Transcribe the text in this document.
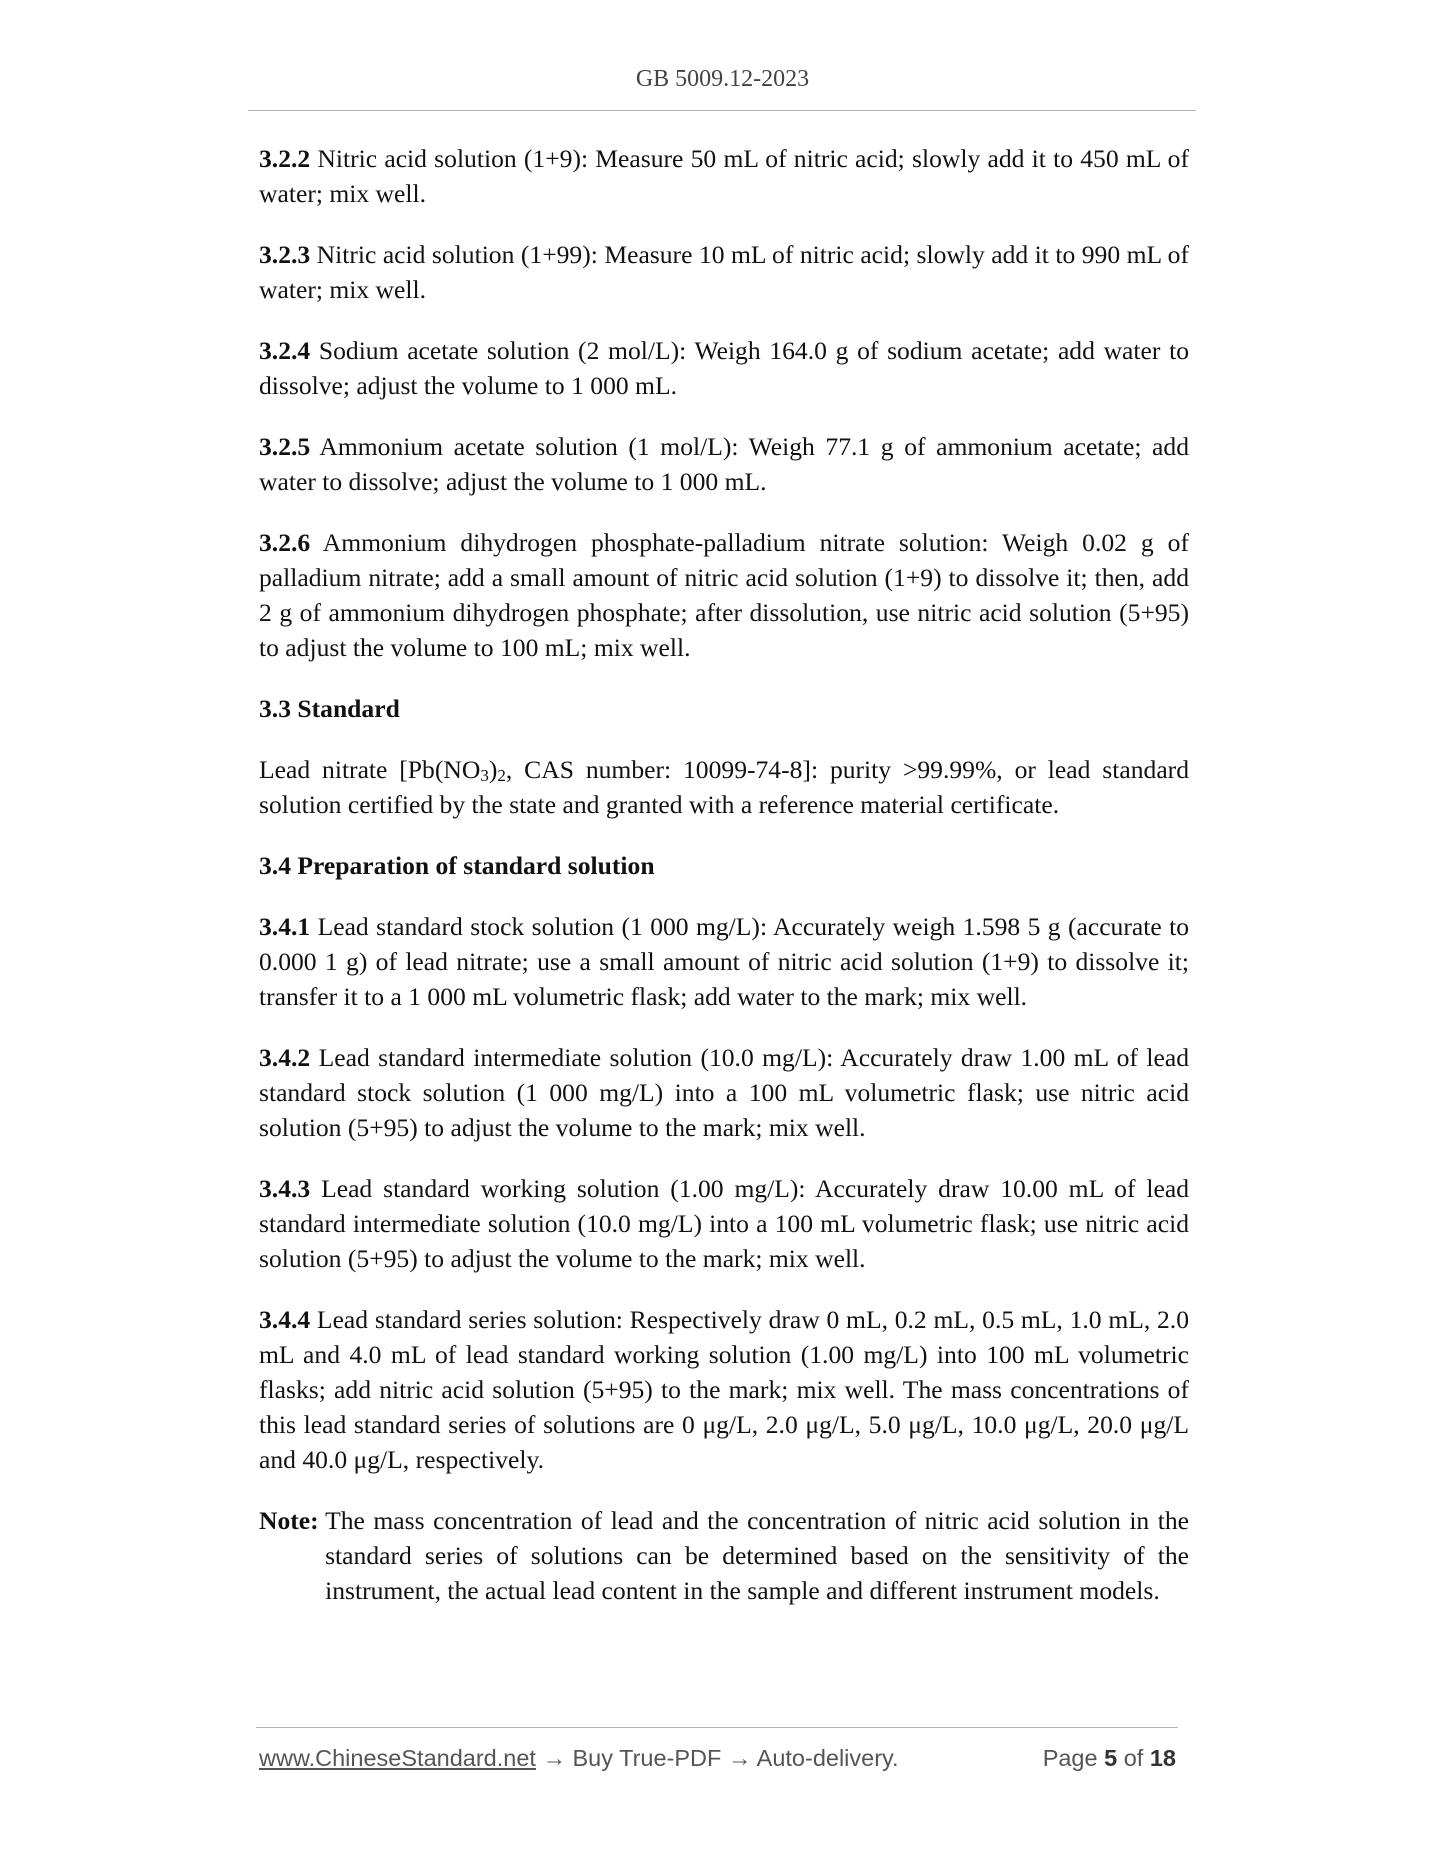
GB 5009.12-2023

3.2.2 Nitric acid solution (1+9): Measure 50 mL of nitric acid; slowly add it to 450 mL of water; mix well.

3.2.3 Nitric acid solution (1+99): Measure 10 mL of nitric acid; slowly add it to 990 mL of water; mix well.

3.2.4 Sodium acetate solution (2 mol/L): Weigh 164.0 g of sodium acetate; add water to dissolve; adjust the volume to 1 000 mL.

3.2.5 Ammonium acetate solution (1 mol/L): Weigh 77.1 g of ammonium acetate; add water to dissolve; adjust the volume to 1 000 mL.

3.2.6 Ammonium dihydrogen phosphate-palladium nitrate solution: Weigh 0.02 g of palladium nitrate; add a small amount of nitric acid solution (1+9) to dissolve it; then, add 2 g of ammonium dihydrogen phosphate; after dissolution, use nitric acid solution (5+95) to adjust the volume to 100 mL; mix well.

3.3 Standard

Lead nitrate [$Pb(NO_3)_2$, CAS number: 10099-74-8]: purity >99.99%, or lead standard solution certified by the state and granted with a reference material certificate.

3.4 Preparation of standard solution

3.4.1 Lead standard stock solution (1 000 mg/L): Accurately weigh 1.598 5 g (accurate to 0.000 1 g) of lead nitrate; use a small amount of nitric acid solution (1+9) to dissolve it; transfer it to a 1 000 mL volumetric flask; add water to the mark; mix well.

3.4.2 Lead standard intermediate solution (10.0 mg/L): Accurately draw 1.00 mL of lead standard stock solution (1 000 mg/L) into a 100 mL volumetric flask; use nitric acid solution (5+95) to adjust the volume to the mark; mix well.

3.4.3 Lead standard working solution (1.00 mg/L): Accurately draw 10.00 mL of lead standard intermediate solution (10.0 mg/L) into a 100 mL volumetric flask; use nitric acid solution (5+95) to adjust the volume to the mark; mix well.

3.4.4 Lead standard series solution: Respectively draw 0 mL, 0.2 mL, 0.5 mL, 1.0 mL, 2.0 mL and 4.0 mL of lead standard working solution (1.00 mg/L) into 100 mL volumetric flasks; add nitric acid solution (5+95) to the mark; mix well. The mass concentrations of this lead standard series of solutions are 0 μg/L, 2.0 μg/L, 5.0 μg/L, 10.0 μg/L, 20.0 μg/L and 40.0 μg/L, respectively.

Note: The mass concentration of lead and the concentration of nitric acid solution in the standard series of solutions can be determined based on the sensitivity of the instrument, the actual lead content in the sample and different instrument models.
www.ChineseStandard.net → Buy True-PDF → Auto-delivery.	Page 5 of 18
